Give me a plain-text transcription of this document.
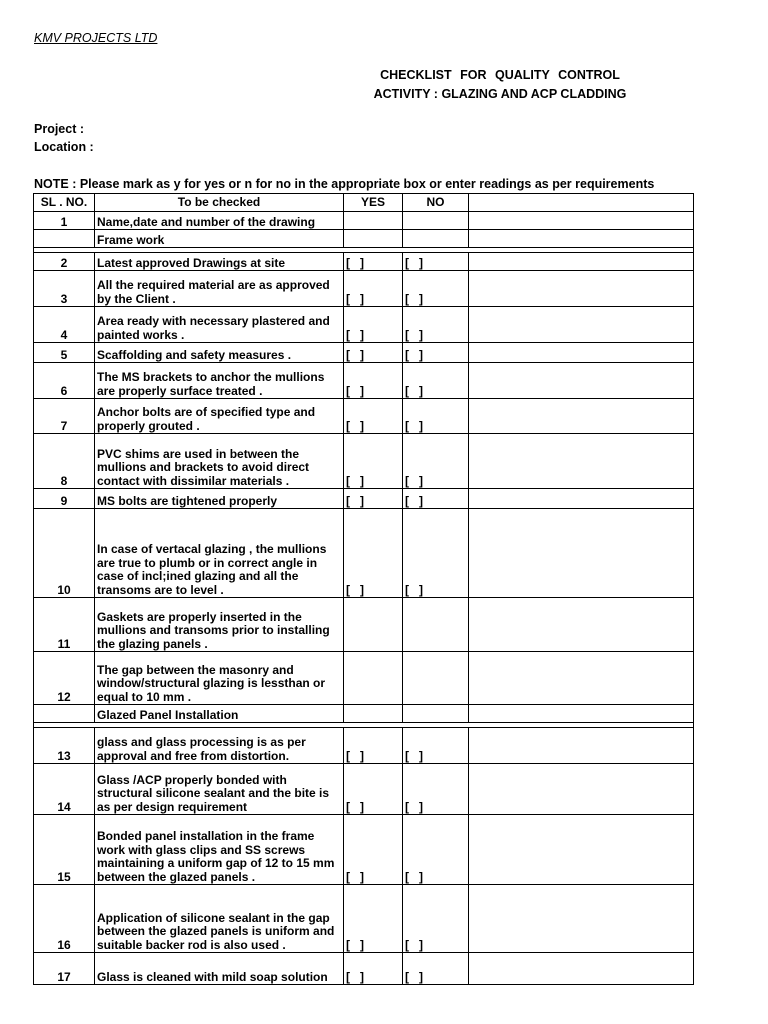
KMV PROJECTS LTD
CHECKLIST FOR QUALITY CONTROL
ACTIVITY : GLAZING AND ACP CLADDING
Project :
Location :
NOTE : Please mark as y for yes or n for no in the appropriate box or enter readings as per requirements
SL . NO.	To be checked	YES	NO	
1	Name,date and number of the drawing			
	Frame work			

2	Latest approved Drawings at site	[   ]	[   ]	
3	All the required material are as approved by the Client .	[   ]	[   ]	
4	Area ready with necessary plastered and painted works .	[   ]	[   ]	
5	Scaffolding and safety measures .	[   ]	[   ]	
6	The MS brackets to anchor the mullions are properly surface treated .	[   ]	[   ]	
7	Anchor bolts are of specified type and properly grouted .	[   ]	[   ]	
8	PVC shims are used in between the mullions and brackets to avoid direct contact with dissimilar materials .	[   ]	[   ]	
9	MS bolts are tightened properly	[   ]	[   ]	
10	In case of vertacal glazing , the mullions are true to plumb or in correct angle in case of incl;ined glazing and all the transoms are to level .	[   ]	[   ]	
11	Gaskets are properly inserted in the mullions and transoms prior to installing the glazing panels .			
12	The gap between the masonry and window/structural glazing is lessthan or equal to 10 mm .			
	Glazed Panel Installation			

13	glass and glass processing is as per approval and free from distortion.	[   ]	[   ]	
14	Glass /ACP properly bonded with structural silicone sealant and the bite is as per design requirement	[   ]	[   ]	
15	Bonded panel installation in the frame work with glass clips and SS screws maintaining a uniform gap of 12 to 15 mm between the glazed panels .	[   ]	[   ]	
16	Application of silicone sealant in the gap between the glazed panels is uniform and suitable backer rod is also used .	[   ]	[   ]	
17	Glass is cleaned with mild soap solution	[   ]	[   ]	
